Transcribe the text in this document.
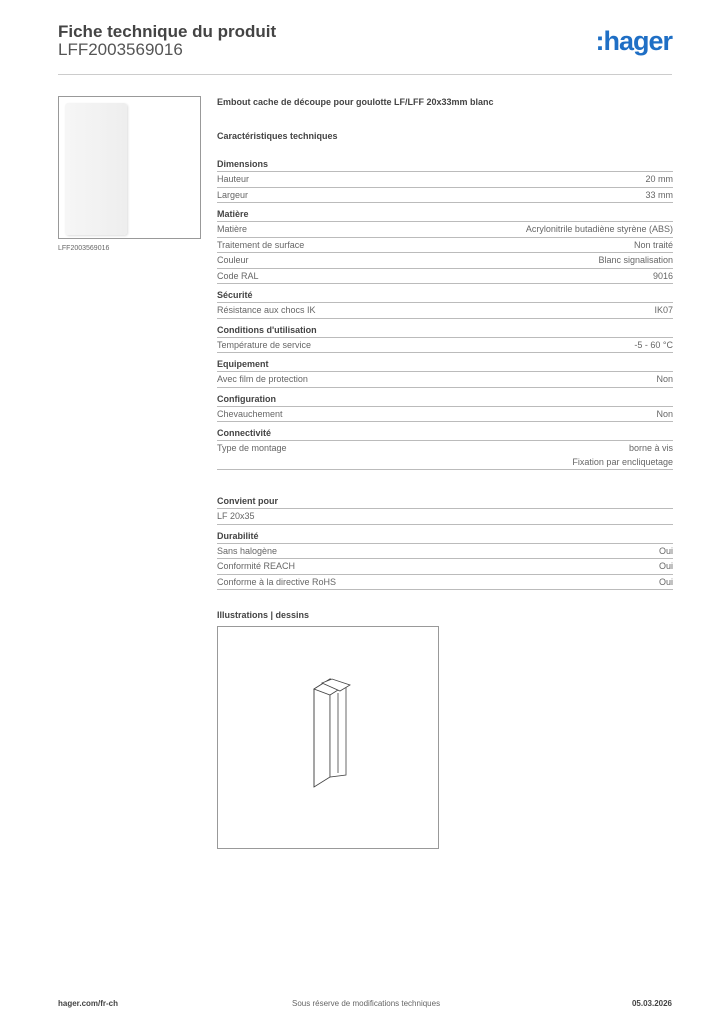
Fiche technique du produit
LFF2003569016	:hager
LFF2003569016
Embout cache de découpe pour goulotte LF/LFF 20x33mm blanc
Caractéristiques techniques
Dimensions
Hauteur	20 mm
Largeur	33 mm
Matière
Matière	Acrylonitrile butadiène styrène (ABS)
Traitement de surface	Non traité
Couleur	Blanc signalisation
Code RAL	9016
Sécurité
Résistance aux chocs IK	IK07
Conditions d'utilisation
Température de service	-5 - 60 °C
Equipement
Avec film de protection	Non
Configuration
Chevauchement	Non
Connectivité
Type de montage	borne à vis
Fixation par encliquetage
Convient pour
LF 20x35
Durabilité
Sans halogène	Oui
Conformité REACH	Oui
Conforme à la directive RoHS	Oui
Illustrations | dessins
hager.com/fr-ch	Sous réserve de modifications techniques	05.03.2026
